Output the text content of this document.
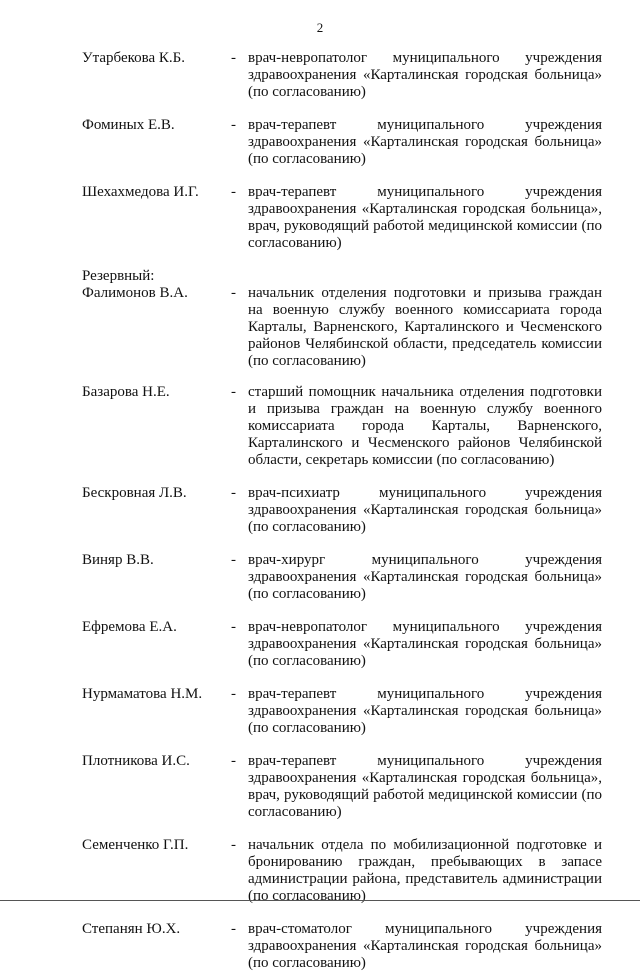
2
Утарбекова К.Б.	- врач-невропатолог муниципального учреждения здравоохранения «Карталинская городская больница» (по согласованию)
Фоминых Е.В.	- врач-терапевт муниципального учреждения здравоохранения «Карталинская городская больница» (по согласованию)
Шехахмедова И.Г. - врач-терапевт муниципального учреждения здравоохранения «Карталинская городская больница», врач, руководящий работой медицинской комиссии (по согласованию)
Резервный:
Фалимонов В.А.	- начальник отделения подготовки и призыва граждан на военную службу военного комиссариата города Карталы, Варненского, Карталинского и Чесменского районов Челябинской области, председатель комиссии (по согласованию)
Базарова Н.Е.	- старший помощник начальника отделения подготовки и призыва граждан на военную службу военного комиссариата города Карталы, Варненского, Карталинского и Чесменского районов Челябинской области, секретарь комиссии (по согласованию)
Бескровная Л.В.	- врач-психиатр муниципального учреждения здравоохранения «Карталинская городская больница» (по согласованию)
Виняр В.В.	- врач-хирург муниципального учреждения здравоохранения «Карталинская городская больница» (по согласованию)
Ефремова Е.А.	- врач-невропатолог муниципального учреждения здравоохранения «Карталинская городская больница» (по согласованию)
Нурмаматова Н.М. - врач-терапевт муниципального учреждения здравоохранения «Карталинская городская больница» (по согласованию)
Плотникова И.С.	- врач-терапевт муниципального учреждения здравоохранения «Карталинская городская больница», врач, руководящий работой медицинской комиссии (по согласованию)
Семенченко Г.П.	- начальник отдела по мобилизационной подготовке и бронированию граждан, пребывающих в запасе администрации района, представитель администрации (по согласованию)
Степанян Ю.Х.	- врач-стоматолог муниципального учреждения здравоохранения «Карталинская городская больница» (по согласованию)
